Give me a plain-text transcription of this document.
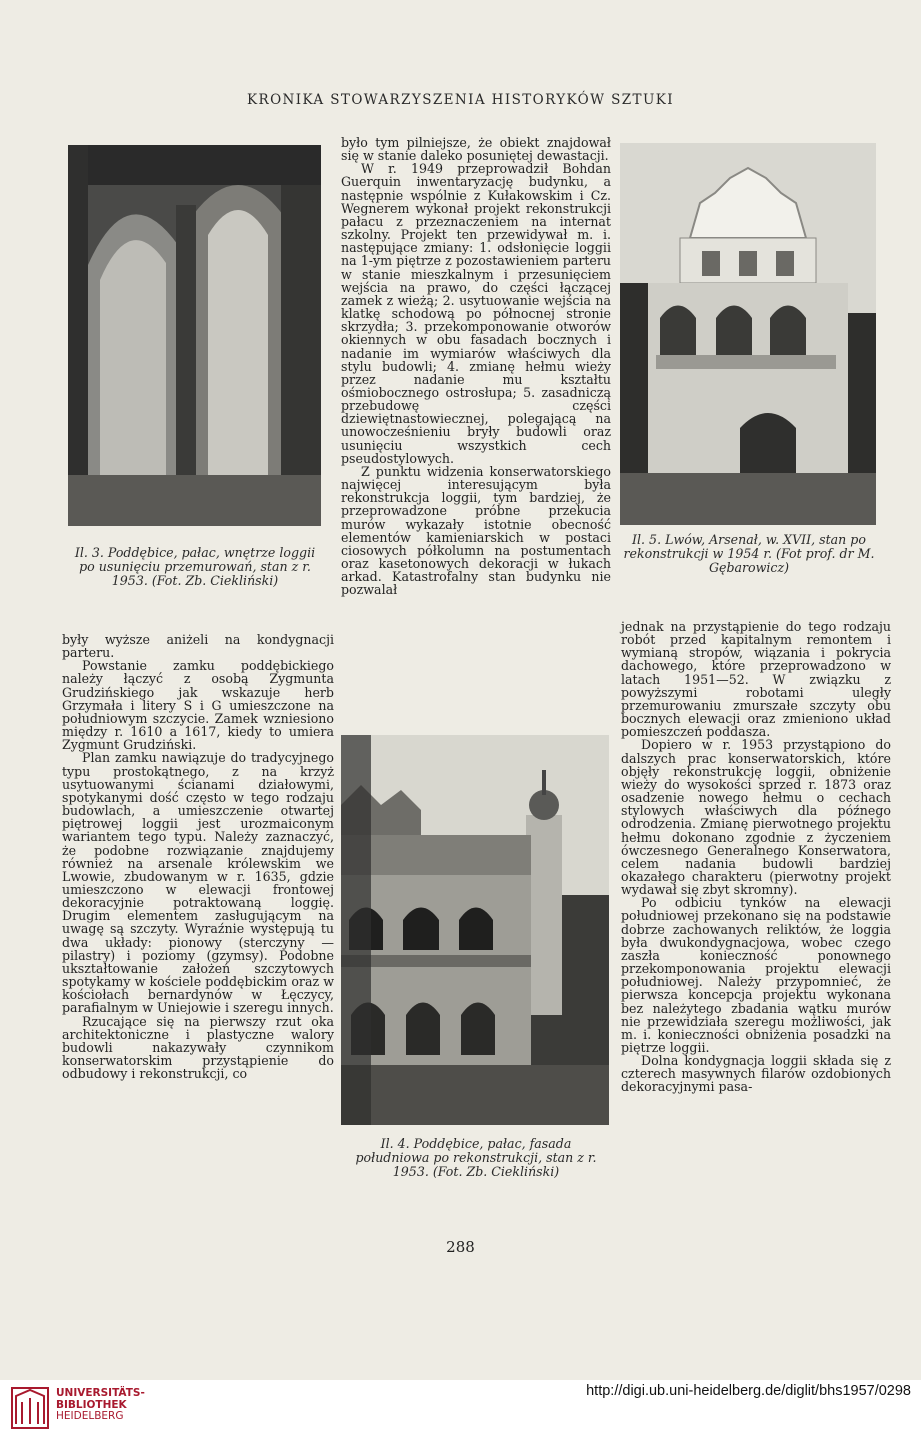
KRONIKA STOWARZYSZENIA HISTORYKÓW SZTUKI
Il. 3. Poddębice, pałac, wnętrze loggii po usunięciu przemurowań, stan z r. 1953. (Fot. Zb. Ciekliński)

były wyższe aniżeli na kondygnacji parteru.

Powstanie zamku poddębickiego należy łączyć z osobą Zygmunta Grudzińskiego jak wskazuje herb Grzymała i litery S i G umieszczone na południowym szczycie. Zamek wzniesiono między r. 1610 a 1617, kiedy to umiera Zygmunt Grudziński.

Plan zamku nawiązuje do tradycyjnego typu prostokątnego, z na krzyż usytuowanymi ścianami działowymi, spotykanymi dość często w tego rodzaju budowlach, a umieszczenie otwartej piętrowej loggii jest urozmaiconym wariantem tego typu. Należy zaznaczyć, że podobne rozwiązanie znajdujemy również na arsenale królewskim we Lwowie, zbudowanym w r. 1635, gdzie umieszczono w elewacji frontowej dekoracyjnie potraktowaną loggię. Drugim elementem zasługującym na uwagę są szczyty. Wyraźnie występują tu dwa układy: pionowy (sterczyny — pilastry) i poziomy (gzymsy). Podobne ukształtowanie założeń szczytowych spotykamy w kościele poddębickim oraz w kościołach bernardynów w Łęczycy, parafialnym w Uniejowie i szeregu innych.

Rzucające się na pierwszy rzut oka architektoniczne i plastyczne walory budowli nakazywały czynnikom konserwatorskim przystąpienie do odbudowy i rekonstrukcji, co

było tym pilniejsze, że obiekt znajdował się w stanie daleko posuniętej dewastacji.

W r. 1949 przeprowadził Bohdan Guerquin inwentaryzację budynku, a następnie wspólnie z Kułakowskim i Cz. Wegnerem wykonał projekt rekonstrukcji pałacu z przeznaczeniem na internat szkolny. Projekt ten przewidywał m. i. następujące zmiany: 1. odsłonięcie loggii na 1-ym piętrze z pozostawieniem parteru w stanie mieszkalnym i przesunięciem wejścia na prawo, do części łączącej zamek z wieżą; 2. usytuowanie wejścia na klatkę schodową po północnej stronie skrzydła; 3. przekomponowanie otworów okiennych w obu fasadach bocznych i nadanie im wymiarów właściwych dla stylu budowli; 4. zmianę hełmu wieży przez nadanie mu kształtu ośmiobocznego ostrosłupa; 5. zasadniczą przebudowę części dziewiętnastowiecznej, polegającą na unowocześnieniu bryły budowli oraz usunięciu wszystkich cech pseudostylowych.

Z punktu widzenia konserwatorskiego najwięcej interesującym była rekonstrukcja loggii, tym bardziej, że przeprowadzone próbne przekucia murów wykazały istotnie obecność elementów kamieniarskich w postaci ciosowych półkolumn na postumentach oraz kasetonowych dekoracji w łukach arkad. Katastrofalny stan budynku nie pozwalał

Il. 4. Poddębice, pałac, fasada południowa po rekonstrukcji, stan z r. 1953. (Fot. Zb. Ciekliński)
Il. 5. Lwów, Arsenał, w. XVII, stan po rekonstrukcji w 1954 r. (Fot prof. dr M. Gębarowicz)

jednak na przystąpienie do tego rodzaju robót przed kapitalnym remontem i wymianą stropów, wiązania i pokrycia dachowego, które przeprowadzono w latach 1951—52. W związku z powyższymi robotami uległy przemurowaniu zmurszałe szczyty obu bocznych elewacji oraz zmieniono układ pomieszczeń poddasza.

Dopiero w r. 1953 przystąpiono do dalszych prac konserwatorskich, które objęły rekonstrukcję loggii, obniżenie wieży do wysokości sprzed r. 1873 oraz osadzenie nowego hełmu o cechach stylowych właściwych dla późnego odrodzenia. Zmianę pierwotnego projektu hełmu dokonano zgodnie z życzeniem ówczesnego Generalnego Konserwatora, celem nadania budowli bardziej okazałego charakteru (pierwotny projekt wydawał się zbyt skromny).

Po odbiciu tynków na elewacji południowej przekonano się na podstawie dobrze zachowanych reliktów, że loggia była dwukondygnacjowa, wobec czego zaszła konieczność ponownego przekomponowania projektu elewacji południowej. Należy przypomnieć, że pierwsza koncepcja projektu wykonana bez należytego zbadania wątku murów nie przewidziała szeregu możliwości, jak m. i. konieczności obniżenia posadzki na piętrze loggii.

Dolna kondygnacja loggii składa się z czterech masywnych filarów ozdobionych dekoracyjnymi pasa-

288
UNIVERSITÄTS-
BIBLIOTHEK
HEIDELBERG
http://digi.ub.uni-heidelberg.de/diglit/bhs1957/0298
